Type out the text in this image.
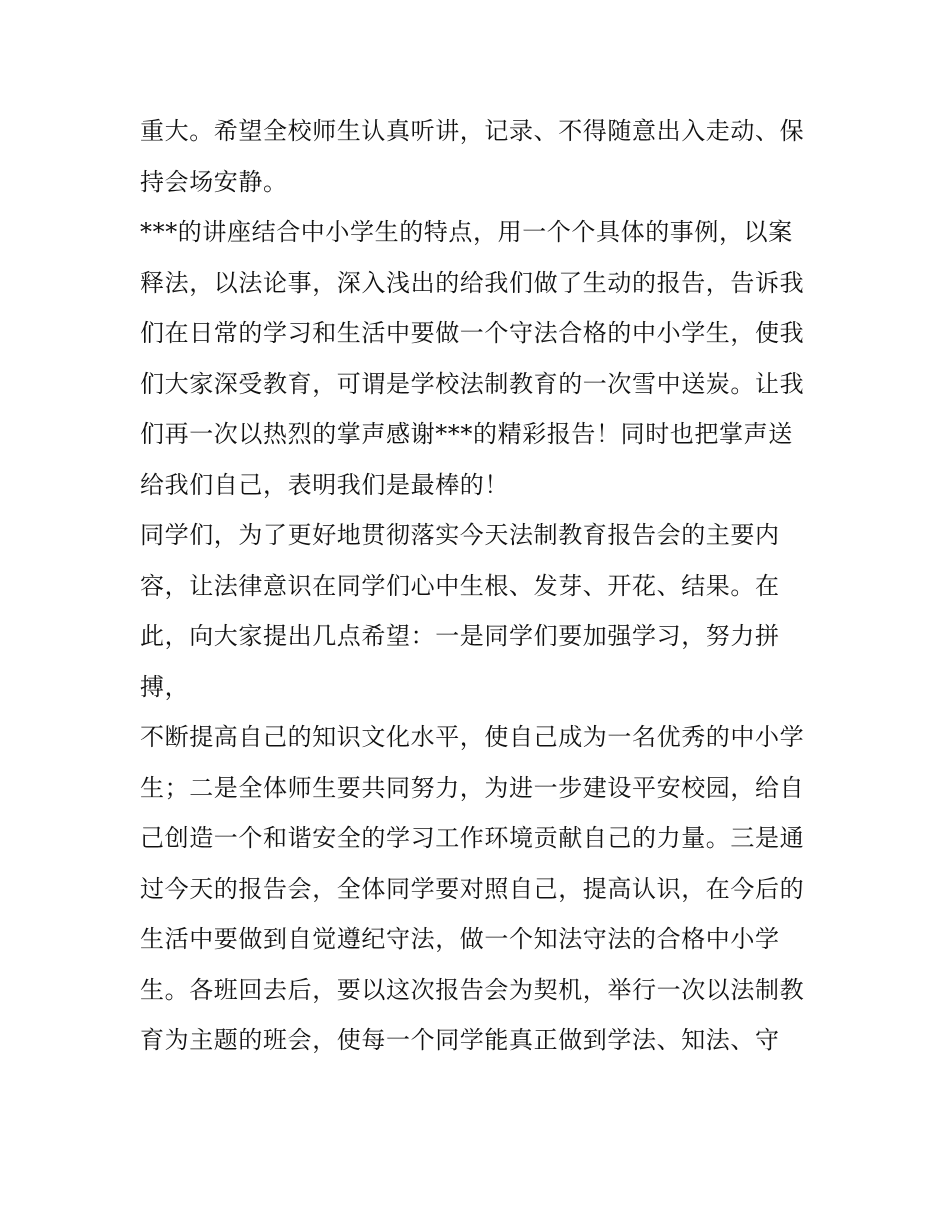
重大。希望全校师生认真听讲，记录、不得随意出入走动、保
持会场安静。
***的讲座结合中小学生的特点，用一个个具体的事例，以案
释法，以法论事，深入浅出的给我们做了生动的报告，告诉我
们在日常的学习和生活中要做一个守法合格的中小学生，使我
们大家深受教育，可谓是学校法制教育的一次雪中送炭。让我
们再一次以热烈的掌声感谢***的精彩报告！同时也把掌声送
给我们自己，表明我们是最棒的！
同学们，为了更好地贯彻落实今天法制教育报告会的主要内
容，让法律意识在同学们心中生根、发芽、开花、结果。在
此，向大家提出几点希望：一是同学们要加强学习，努力拼
搏，
不断提高自己的知识文化水平，使自己成为一名优秀的中小学
生；二是全体师生要共同努力，为进一步建设平安校园，给自
己创造一个和谐安全的学习工作环境贡献自己的力量。三是通
过今天的报告会，全体同学要对照自己，提高认识，在今后的
生活中要做到自觉遵纪守法，做一个知法守法的合格中小学
生。各班回去后，要以这次报告会为契机，举行一次以法制教
育为主题的班会，使每一个同学能真正做到学法、知法、守
